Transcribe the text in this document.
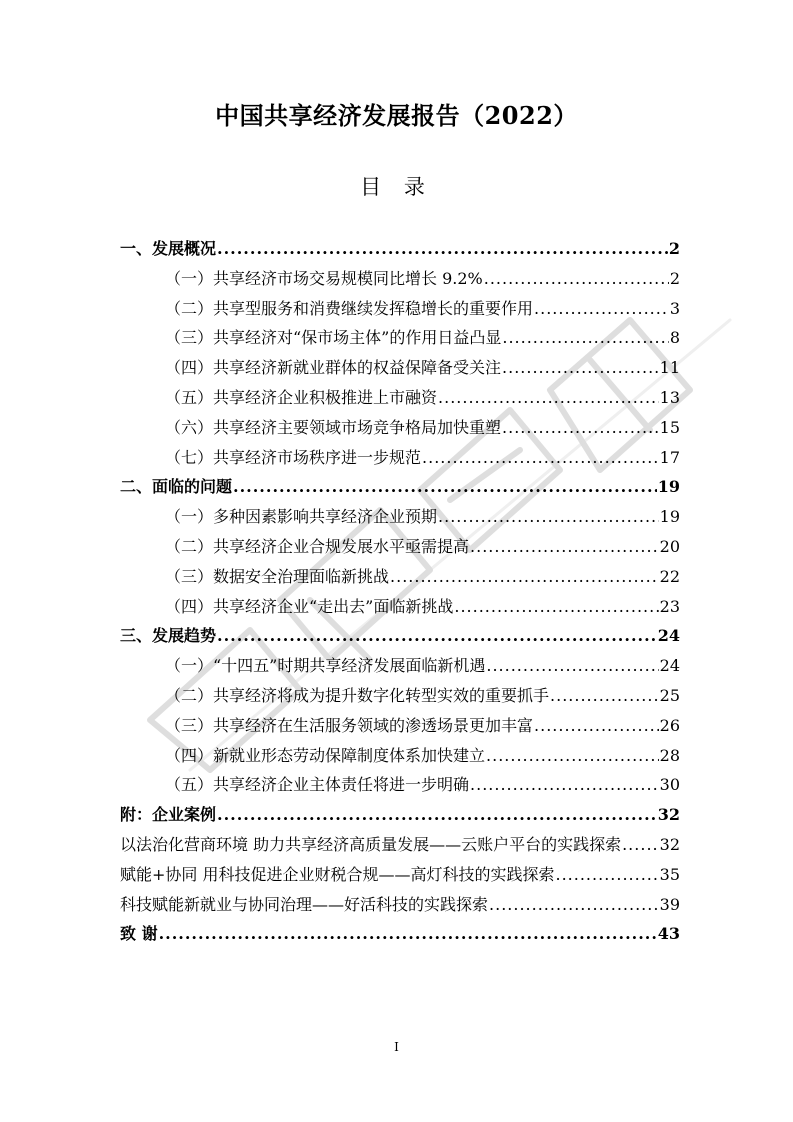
中国共享经济发展报告（2022）
目 录
一、发展概况 .....	2
（一）共享经济市场交易规模同比增长 9.2% .....	2
（二）共享型服务和消费继续发挥稳增长的重要作用 .....	3
（三）共享经济对“保市场主体”的作用日益凸显 .....	8
（四）共享经济新就业群体的权益保障备受关注 .....	11
（五）共享经济企业积极推进上市融资 .....	13
（六）共享经济主要领域市场竞争格局加快重塑 .....	15
（七）共享经济市场秩序进一步规范 .....	17
二、面临的问题 .....	19
（一）多种因素影响共享经济企业预期 .....	19
（二）共享经济企业合规发展水平亟需提高 .....	20
（三）数据安全治理面临新挑战 .....	22
（四）共享经济企业“走出去”面临新挑战 .....	23
三、发展趋势 .....	24
（一）“十四五”时期共享经济发展面临新机遇 .....	24
（二）共享经济将成为提升数字化转型实效的重要抓手 .....	25
（三）共享经济在生活服务领域的渗透场景更加丰富 .....	26
（四）新就业形态劳动保障制度体系加快建立 .....	28
（五）共享经济企业主体责任将进一步明确 .....	30
附：企业案例 .....	32
以法治化营商环境 助力共享经济高质量发展——云账户平台的实践探索 ..... 32
赋能+协同 用科技促进企业财税合规——高灯科技的实践探索 .....	35
科技赋能新就业与协同治理——好活科技的实践探索 .....	39
致 谢 .....	43
I
